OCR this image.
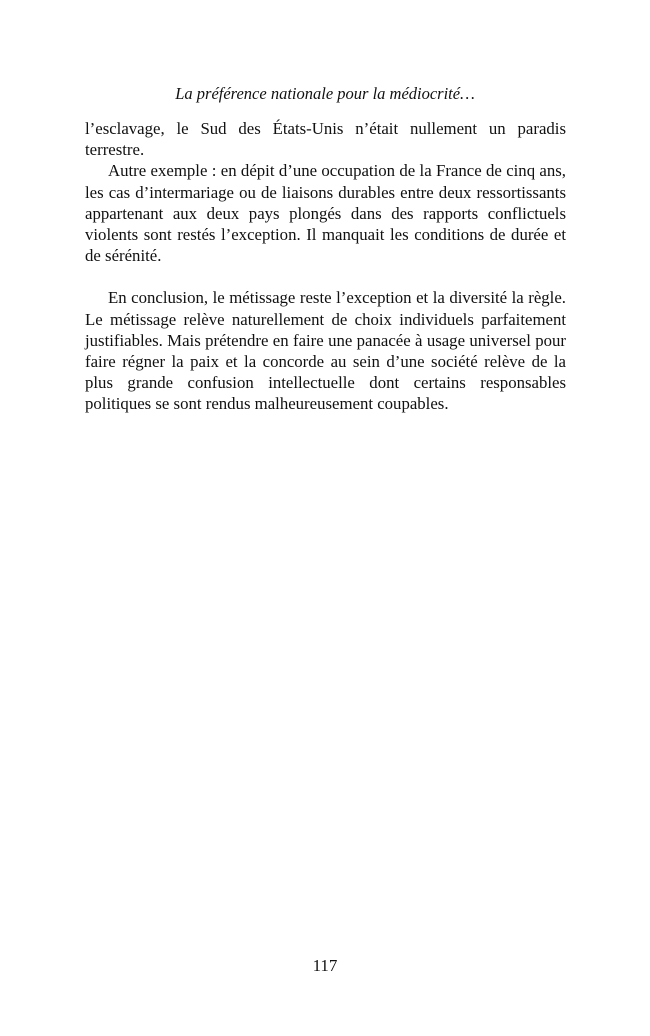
La préférence nationale pour la médiocrité…

l’esclavage, le Sud des États-Unis n’était nullement un paradis terrestre.

Autre exemple : en dépit d’une occupation de la France de cinq ans, les cas d’intermariage ou de liaisons durables entre deux ressortissants appartenant aux deux pays plongés dans des rapports conflictuels violents sont restés l’exception. Il manquait les conditions de durée et de sérénité.

En conclusion, le métissage reste l’exception et la diversité la règle. Le métissage relève naturellement de choix individuels parfaitement justifiables. Mais prétendre en faire une panacée à usage universel pour faire régner la paix et la concorde au sein d’une société relève de la plus grande confusion intellectuelle dont certains responsables politiques se sont rendus malheureusement coupables.

117
